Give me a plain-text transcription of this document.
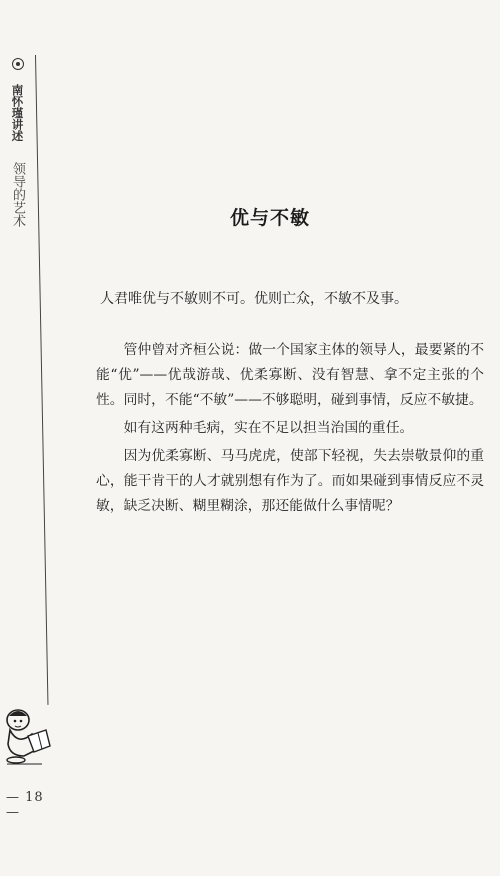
南怀瑾讲述
领导的艺术
— 18 —
优与不敏
人君唯优与不敏则不可。优则亡众，不敏不及事。

管仲曾对齐桓公说：做一个国家主体的领导人，最要紧的不能“优”——优哉游哉、优柔寡断、没有智慧、拿不定主张的个性。同时，不能“不敏”——不够聪明，碰到事情，反应不敏捷。

如有这两种毛病，实在不足以担当治国的重任。

因为优柔寡断、马马虎虎，使部下轻视，失去崇敬景仰的重心，能干肯干的人才就别想有作为了。而如果碰到事情反应不灵敏，缺乏决断、糊里糊涂，那还能做什么事情呢？
